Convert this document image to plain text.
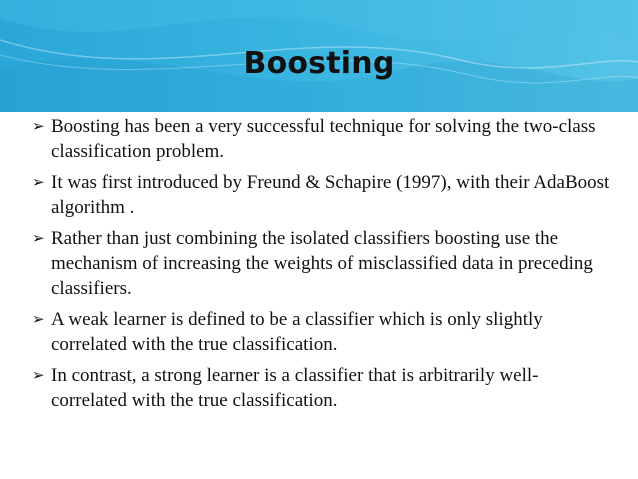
Boosting
➢ Boosting has been a very successful technique for solving the two-class classification problem.
➢ It was first introduced by Freund & Schapire (1997), with their AdaBoost algorithm .
➢ Rather than just combining the isolated classifiers boosting use the mechanism of increasing the weights of misclassified data in preceding classifiers.
➢ A weak learner is defined to be a classifier which is only slightly correlated with the true classification.
➢ In contrast, a strong learner is a classifier that is arbitrarily well-correlated with the true classification.
